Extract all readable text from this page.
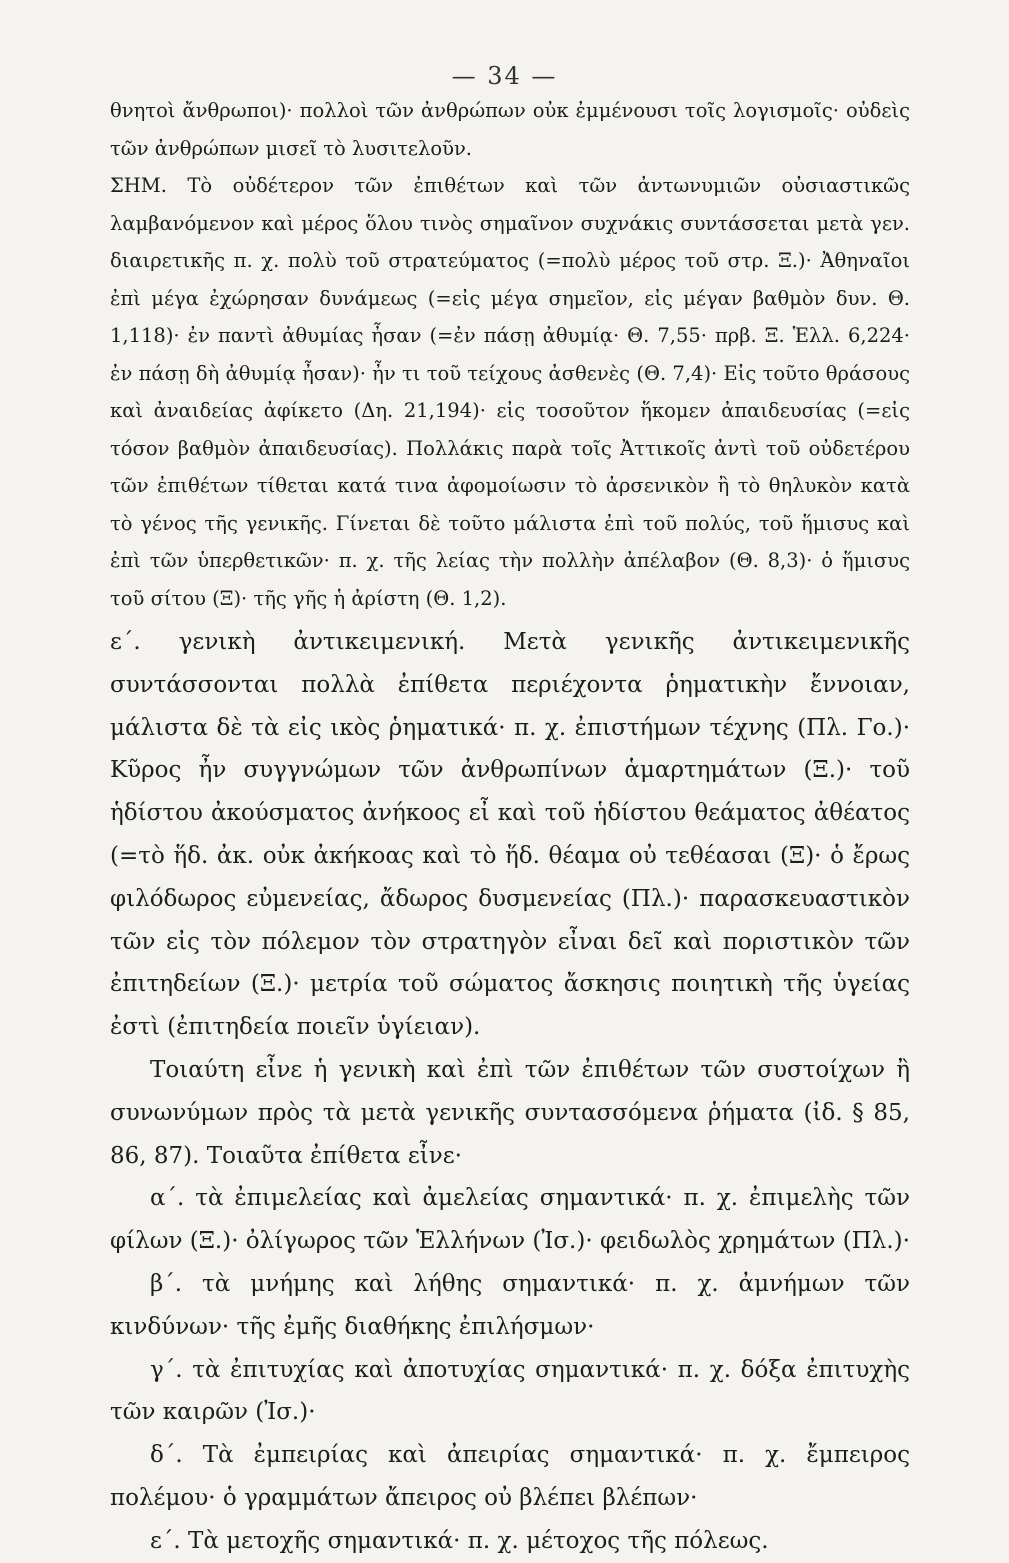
— 34 —

θνητοὶ ἄνθρωποι)· πολλοὶ τῶν ἀνθρώπων οὐκ ἐμμένουσι τοῖς λογισμοῖς· οὐδεὶς τῶν ἀνθρώπων μισεῖ τὸ λυσιτελοῦν.

ΣΗΜ. Τὸ οὐδέτερον τῶν ἐπιθέτων καὶ τῶν ἀντωνυμιῶν οὐσιαστικῶς λαμβανόμενον καὶ μέρος ὅλου τινὸς σημαῖνον συχνάκις συντάσσεται μετὰ γεν. διαιρετικῆς π. χ. πολὺ τοῦ στρατεύματος (=πολὺ μέρος τοῦ στρ. Ξ.)· Ἀθηναῖοι ἐπὶ μέγα ἐχώρησαν δυνάμεως (=εἰς μέγα σημεῖον, εἰς μέγαν βαθμὸν δυν. Θ. 1,118)· ἐν παντὶ ἀθυμίας ἦσαν (=ἐν πάσῃ ἀθυμίᾳ· Θ. 7,55· πρβ. Ξ. Ἑλλ. 6,224· ἐν πάσῃ δὴ ἀθυμίᾳ ἦσαν)· ἦν τι τοῦ τείχους ἀσθενὲς (Θ. 7,4)· Εἰς τοῦτο θράσους καὶ ἀναιδείας ἀφίκετο (Δη. 21,194)· εἰς τοσοῦτον ἥκομεν ἀπαιδευσίας (=εἰς τόσον βαθμὸν ἀπαιδευσίας). Πολλάκις παρὰ τοῖς Ἀττικοῖς ἀντὶ τοῦ οὐδετέρου τῶν ἐπιθέτων τίθεται κατά τινα ἀφομοίωσιν τὸ ἀρσενικὸν ἢ τὸ θηλυκὸν κατὰ τὸ γένος τῆς γενικῆς. Γίνεται δὲ τοῦτο μάλιστα ἐπὶ τοῦ πολύς, τοῦ ἥμισυς καὶ ἐπὶ τῶν ὑπερθετικῶν· π. χ. τῆς λείας τὴν πολλὴν ἀπέλαβον (Θ. 8,3)· ὁ ἥμισυς τοῦ σίτου (Ξ)· τῆς γῆς ἡ ἀρίστη (Θ. 1,2).

ε΄. γενικὴ ἀντικειμενική. Μετὰ γενικῆς ἀντικειμενικῆς συντάσσονται πολλὰ ἐπίθετα περιέχοντα ῥηματικὴν ἔννοιαν, μάλιστα δὲ τὰ εἰς ικὸς ῥηματικά· π. χ. ἐπιστήμων τέχνης (Πλ. Γο.)· Κῦρος ἦν συγγνώμων τῶν ἀνθρωπίνων ἁμαρτημάτων (Ξ.)· τοῦ ἡδίστου ἀκούσματος ἀνήκοος εἶ καὶ τοῦ ἡδίστου θεάματος ἀθέατος (=τὸ ἥδ. ἀκ. οὐκ ἀκήκοας καὶ τὸ ἥδ. θέαμα οὐ τεθέασαι (Ξ)· ὁ ἔρως φιλόδωρος εὐμενείας, ἄδωρος δυσμενείας (Πλ.)· παρασκευαστικὸν τῶν εἰς τὸν πόλεμον τὸν στρατηγὸν εἶναι δεῖ καὶ ποριστικὸν τῶν ἐπιτηδείων (Ξ.)· μετρία τοῦ σώματος ἄσκησις ποιητικὴ τῆς ὑγείας ἐστὶ (ἐπιτηδεία ποιεῖν ὑγίειαν).

Τοιαύτη εἶνε ἡ γενικὴ καὶ ἐπὶ τῶν ἐπιθέτων τῶν συστοίχων ἢ συνωνύμων πρὸς τὰ μετὰ γενικῆς συντασσόμενα ῥήματα (ἰδ. § 85, 86, 87). Τοιαῦτα ἐπίθετα εἶνε·

α΄. τὰ ἐπιμελείας καὶ ἀμελείας σημαντικά· π. χ. ἐπιμελὴς τῶν φίλων (Ξ.)· ὀλίγωρος τῶν Ἑλλήνων (Ἰσ.)· φειδωλὸς χρημάτων (Πλ.)·

β΄. τὰ μνήμης καὶ λήθης σημαντικά· π. χ. ἀμνήμων τῶν κινδύνων· τῆς ἐμῆς διαθήκης ἐπιλήσμων·

γ΄. τὰ ἐπιτυχίας καὶ ἀποτυχίας σημαντικά· π. χ. δόξα ἐπιτυχὴς τῶν καιρῶν (Ἰσ.)·

δ΄. Τὰ ἐμπειρίας καὶ ἀπειρίας σημαντικά· π. χ. ἔμπειρος πολέμου· ὁ γραμμάτων ἄπειρος οὐ βλέπει βλέπων·

ε΄. Τὰ μετοχῆς σημαντικά· π. χ. μέτοχος τῆς πόλεως.
